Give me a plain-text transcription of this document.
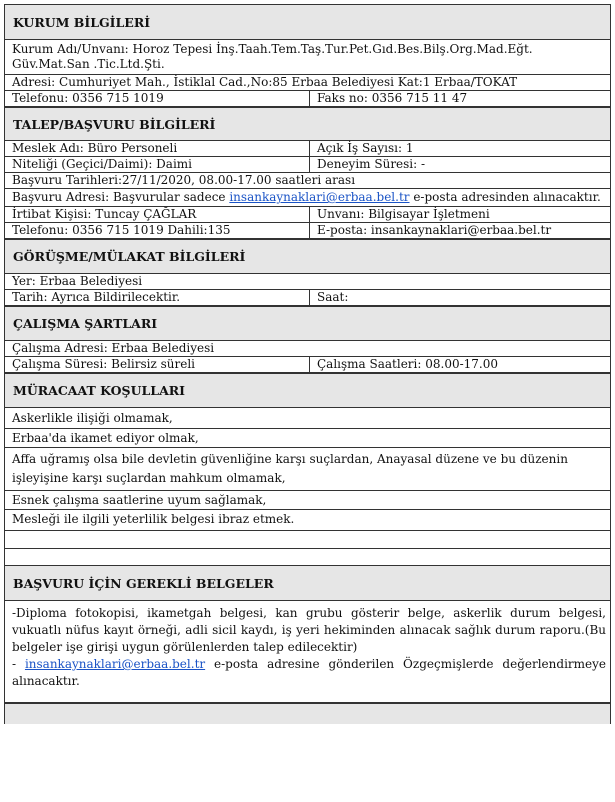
KURUM BİLGİLERİ
Kurum Adı/Unvanı: Horoz Tepesi İnş.Taah.Tem.Taş.Tur.Pet.Gıd.Bes.Bilş.Org.Mad.Eğt. Güv.Mat.San .Tic.Ltd.Şti.
Adresi: Cumhuriyet Mah., İstiklal Cad.,No:85 Erbaa Belediyesi Kat:1 Erbaa/TOKAT
Telefonu: 0356 715 1019	Faks no: 0356 715 11 47
TALEP/BAŞVURU BİLGİLERİ
Meslek Adı: Büro Personeli	Açık İş Sayısı: 1
Niteliği (Geçici/Daimi): Daimi	Deneyim Süresi: -
Başvuru Tarihleri:27/11/2020, 08.00-17.00 saatleri arası
Başvuru Adresi: Başvurular sadece insankaynaklari@erbaa.bel.tr e-posta adresinden alınacaktır.
İrtibat Kişisi: Tuncay ÇAĞLAR	Unvanı: Bilgisayar İşletmeni
Telefonu: 0356 715 1019 Dahili:135	E-posta: insankaynaklari@erbaa.bel.tr
GÖRÜŞME/MÜLAKAT BİLGİLERİ
Yer: Erbaa Belediyesi
Tarih: Ayrıca Bildirilecektir.	Saat:
ÇALIŞMA ŞARTLARI
Çalışma Adresi: Erbaa Belediyesi
Çalışma Süresi: Belirsiz süreli	Çalışma Saatleri: 08.00-17.00
MÜRACAAT KOŞULLARI
Askerlikle ilişiği olmamak,
Erbaa'da ikamet ediyor olmak,
Affa uğramış olsa bile devletin güvenliğine karşı suçlardan, Anayasal düzene ve bu düzenin işleyişine karşı suçlardan mahkum olmamak,
Esnek çalışma saatlerine uyum sağlamak,
Mesleği ile ilgili yeterlilik belgesi ibraz etmek.
BAŞVURU İÇİN GEREKLİ BELGELER
-Diploma fotokopisi, ikametgah belgesi, kan grubu gösterir belge, askerlik durum belgesi, vukuatlı nüfus kayıt örneği, adli sicil kaydı, iş yeri hekiminden alınacak sağlık durum raporu.(Bu belgeler işe girişi uygun görülenlerden talep edilecektir)
- insankaynaklari@erbaa.bel.tr e-posta adresine gönderilen Özgeçmişlerde değerlendirmeye alınacaktır.
